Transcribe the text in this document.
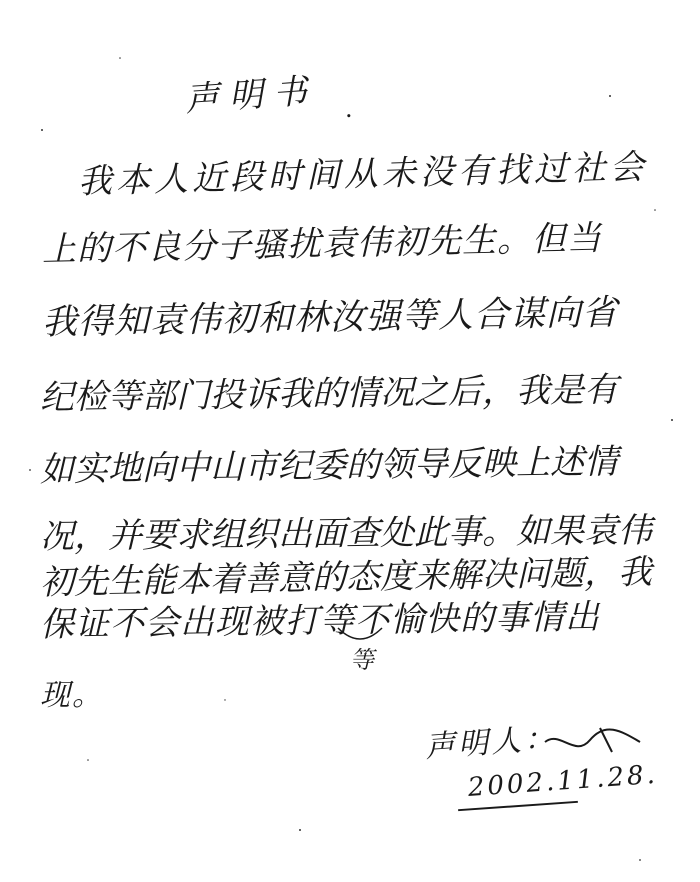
声明书 .
我本人近段时间从未没有找过社会
上的不良分子骚扰袁伟初先生。但当
我得知袁伟初和林汝强等人合谋向省
纪检等部门投诉我的情况之后，我是有
如实地向中山市纪委的领导反映上述情
况，并要求组织出面查处此事。如果袁伟
初先生能本着善意的态度来解决问题，我
保证不会出现被打等不愉快的事情出
现。
等
声明人：
2002.11.28.
